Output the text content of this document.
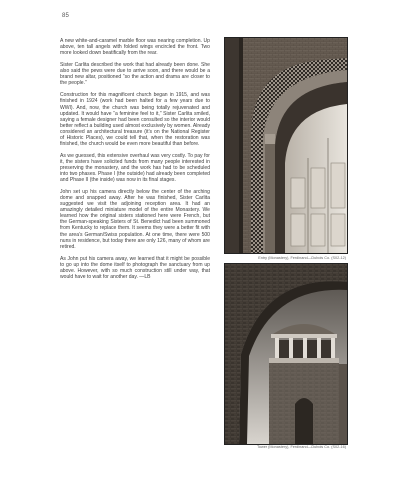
85

A new white-and-caramel marble floor was nearing completion. Up above, ten tall angels with folded wings encircled the front. Two more looked down beatifically from the rear.

Sister Carlita described the work that had already been done. She also said the pews were due to arrive soon, and there would be a brand new altar, positioned “so the action and drama are closer to the people.”

Construction for this magnificent church began in 1915, and was finished in 1924 (work had been halted for a few years due to WWI). And, now, the church was being totally rejuvenated and updated. It would have “a feminine feel to it,” Sister Carlita smiled, saying a female designer had been consulted so the interior would better reflect a building used almost exclusively by women. Already considered an architectural treasure (it’s on the National Register of Historic Places), we could tell that, when the restoration was finished, the church would be even more beautiful than before.

As we guessed, this extensive overhaul was very costly. To pay for it, the sisters have solicited funds from many people interested in preserving the monastery, and the work has had to be scheduled into two phases. Phase I (the outside) had already been completed and Phase II (the inside) was now in its final stages.

John set up his camera directly below the center of the arching dome and snapped away. After he was finished, Sister Carlita suggested we visit the adjoining reception area. It had an amazingly detailed miniature model of the entire Monastery. We learned how the original sisters stationed here were French, but the German-speaking Sisters of St. Benedict had been summoned from Kentucky to replace them. It seems they were a better fit with the area’s German/Swiss population. At one time, there were 500 nuns in residence, but today there are only 126, many of whom are retired.

As John put his camera away, we learned that it might be possible to go up into the dome itself to photograph the sanctuary from up above. However, with so much construction still under way, that would have to wait for another day. —LB

Entry (Monastery), Ferdinand—Dubois Co. (S02-12)
Tower (Monastery), Ferdinand—Dubois Co. (S02-16)
